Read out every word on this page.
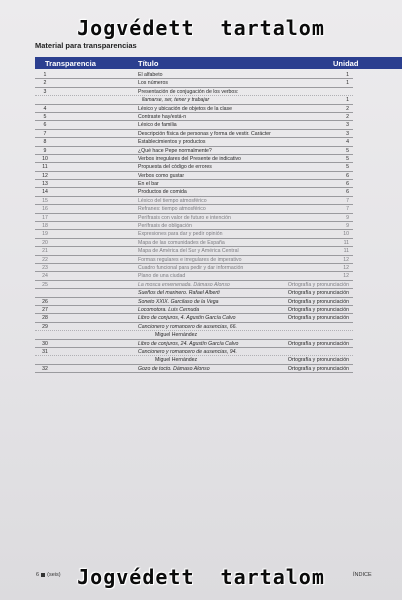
Jogvédett  tartalom
Material para transparencias
Transparencia	Título	Unidad
1	El alfabeto	1
2	Los números	1
3	Presentación de conjugación de los verbos:
llamarse, ser, tener y trabajar	1
4	Léxico y ubicación de objetos de la clase	2
5	Contraste hay/está-n	2
6	Léxico de familia	3
7	Descripción física de personas y forma de vestir. Carácter	3
8	Establecimientos y productos	4
9	¿Qué hace Pepe normalmente?	5
10	Verbos irregulares del Presente de indicativo	5
11	Propuesta del código de errores	5
12	Verbos como gustar	6
13	En el bar	6
14	Productos de comida	6
15	Léxico del tiempo atmosférico	7
16	Refranes: tiempo atmosférico	7
17	Perífrasis con valor de futuro e intención	9
18	Perífrasis de obligación	9
19	Expresiones para dar y pedir opinión	10
20	Mapa de las comunidades de España	11
21	Mapa de América del Sur y América Central	11
22	Formas regulares e irregulares de imperativo	12
23	Cuadro funcional para pedir y dar información	12
24	Plano de una ciudad	12
25	La mosca envenenada. Dámaso Alonso	Ortografía y pronunciación
Sueños del marinero. Rafael Alberti	Ortografía y pronunciación
26	Soneto XXIX. Garcilaso de la Vega	Ortografía y pronunciación
27	Locomotora. Luis Cernuda	Ortografía y pronunciación
28	Libro de conjuros, 4. Agustín García Calvo	Ortografía y pronunciación
29	Cancionero y romancero de ausencias, 66.
Miguel Hernández
30	Libro de conjuros, 24. Agustín García Calvo	Ortografía y pronunciación
31	Cancionero y romancero de ausencias, 94.
Miguel Hernández	Ortografía y pronunciación
32	Gozo de tocto. Dámaso Alonso	Ortografía y pronunciación
6 (seis)	ÍNDICE
Jogvédett  tartalom
